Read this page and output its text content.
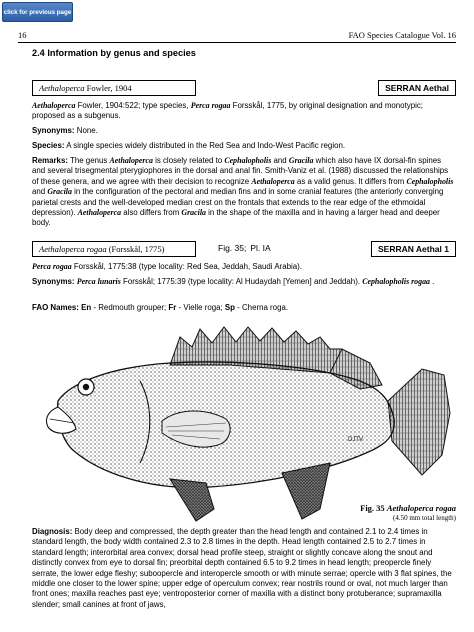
click for previous page
16	FAO Species Catalogue Vol. 16
2.4 Information by genus and species
Aethaloperca
Fowler, 1904	SERRAN Aethal
Aethaloperca Fowler, 1904:522; type species, Perca rogaa Forsskål, 1775, by original designation and monotypic; proposed as a subgenus.
Synonyms: None.
Species: A single species widely distributed in the Red Sea and Indo-West Pacific region.
Remarks: The genus Aethaloperca is closely related to Cephalopholis and Gracila which also have IX dorsal-fin spines and several trisegmental pterygiophores in the dorsal and anal fin. Smith-Vaniz et al. (1988) discussed the relationships of these genera, and we agree with their decision to recognize Aethaloperca as a valid genus. It differs from Cephalopholis and Gracila in the configuration of the pectoral and median fins and in some cranial features (the anteriorly converging parietal crests and the well-developed median crest on the frontals that extends to the rear edge of the ethmoidal depression). Aethaloperca also differs from Gracila in the shape of the maxilla and in having a larger head and deeper body.
Aethaloperca rogaa
(Forsskål, 1775)	Fig. 35; Pl. IA	SERRAN Aethal 1
Perca rogaa Forsskål, 1775:38 (type locality: Red Sea, Jeddah, Saudi Arabia).
Synonyms: Perca lunaris Forsskål; 1775:39 (type locality: Al Hudaydah [Yemen] and Jeddah). Cephalopholis rogaa .
FAO Names: En - Redmouth grouper; Fr - Vielle roga; Sp - Cherna roga.
DJTV
Fig. 35 Aethaloperca rogaa
(4.50 mm total length)
Diagnosis: Body deep and compressed, the depth greater than the head length and contained 2.1 to 2.4 times in standard length, the body width contained 2.3 to 2.8 times in the depth. Head length contained 2.5 to 2.7 times in standard length; interorbital area convex; dorsal head profile steep, straight or slightly concave along the snout and distinctly convex from eye to dorsal fin; preorbital depth contained 6.5 to 9.2 times in head length; preopercle finely serrate, the lower edge fleshy; suboopercle and interopercle smooth or with minute serrae; opercle with 3 flat spines, the middle one closer to the lower spine; upper edge of operculum convex; rear nostrils round or oval, not much larger than front ones; maxilla reaches past eye; ventroposterior corner of maxilla with a distinct bony protuberance; supramaxilla slender; small canines at front of jaws,
